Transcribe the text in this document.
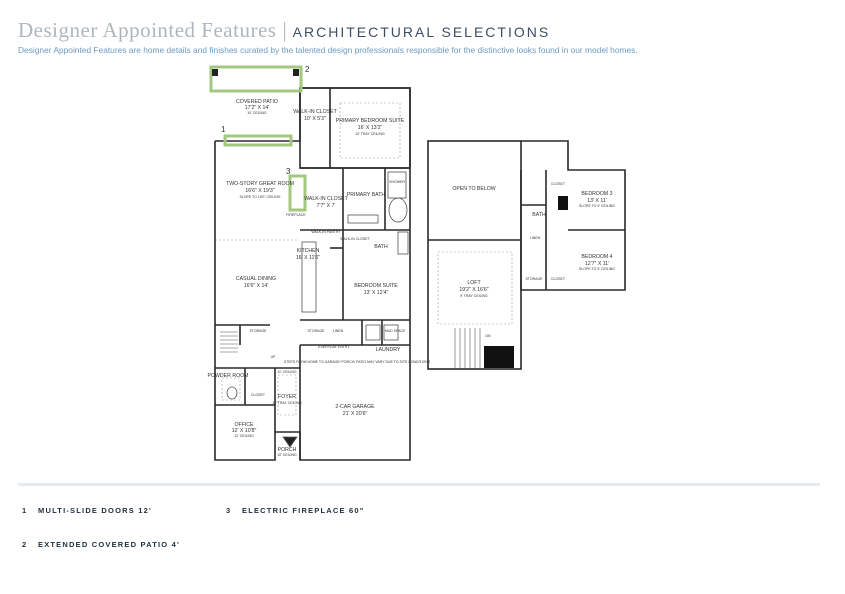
Designer Appointed Features | ARCHITECTURAL SELECTIONS
Designer Appointed Features are home details and finishes curated by the talented design professionals responsible for the distinctive looks found in our model homes.
2
1
3
COVERED PATIO
17'2" X 14'
10' CEILING	WALK-IN CLOSET
10' X 5'3" PRIMARY BEDROOM SUITE
16' X 13'2"
10' TRAY CEILING
TWO-STORY GREAT ROOM
16'6" X 19'3"
SLOPE TO 18'0" CEILING	WALK-IN CLOSET
7'7" X 7'
PRIMARY BATH
SHOWER
FIREPLACE
WALK-IN PANTRY
WALK-IN CLOSET
BATH
KITCHEN
16' X 11'6"
CASUAL DINING
16'6" X 14'	BEDROOM SUITE
13' X 12'4"
STORAGE	LINEN
STORAGE	MUD SPACE
EVERYDAY ENTRY	LAUNDRY
POWDER ROOM
CLOSET	FOYER
10' TRAY CEILING
11' CEILING
OFFICE
12' X 10'8"
12' CEILING
STEPS FROM HOME TO GARAGE/ PORCH/ PATIO MAY VARY DUE TO SITE CONDITIONS
2-CAR GARAGE
21' X 20'6"
PORCH
10' CEILING
UP
OPEN TO BELOW
LOFT
19'2" X 16'6"
9' TRAY CEILING
BEDROOM 3
13' X 11'
SLOPE TO 9' CEILING
BEDROOM 4
12'7" X 11'
SLOPE TO 9' CEILING
CLOSET
CLOSET
BATH
LINEN
STORAGE
DN
1 MULTI-SLIDE DOORS 12'	3 ELECTRIC FIREPLACE 60"
2 EXTENDED COVERED PATIO 4'
